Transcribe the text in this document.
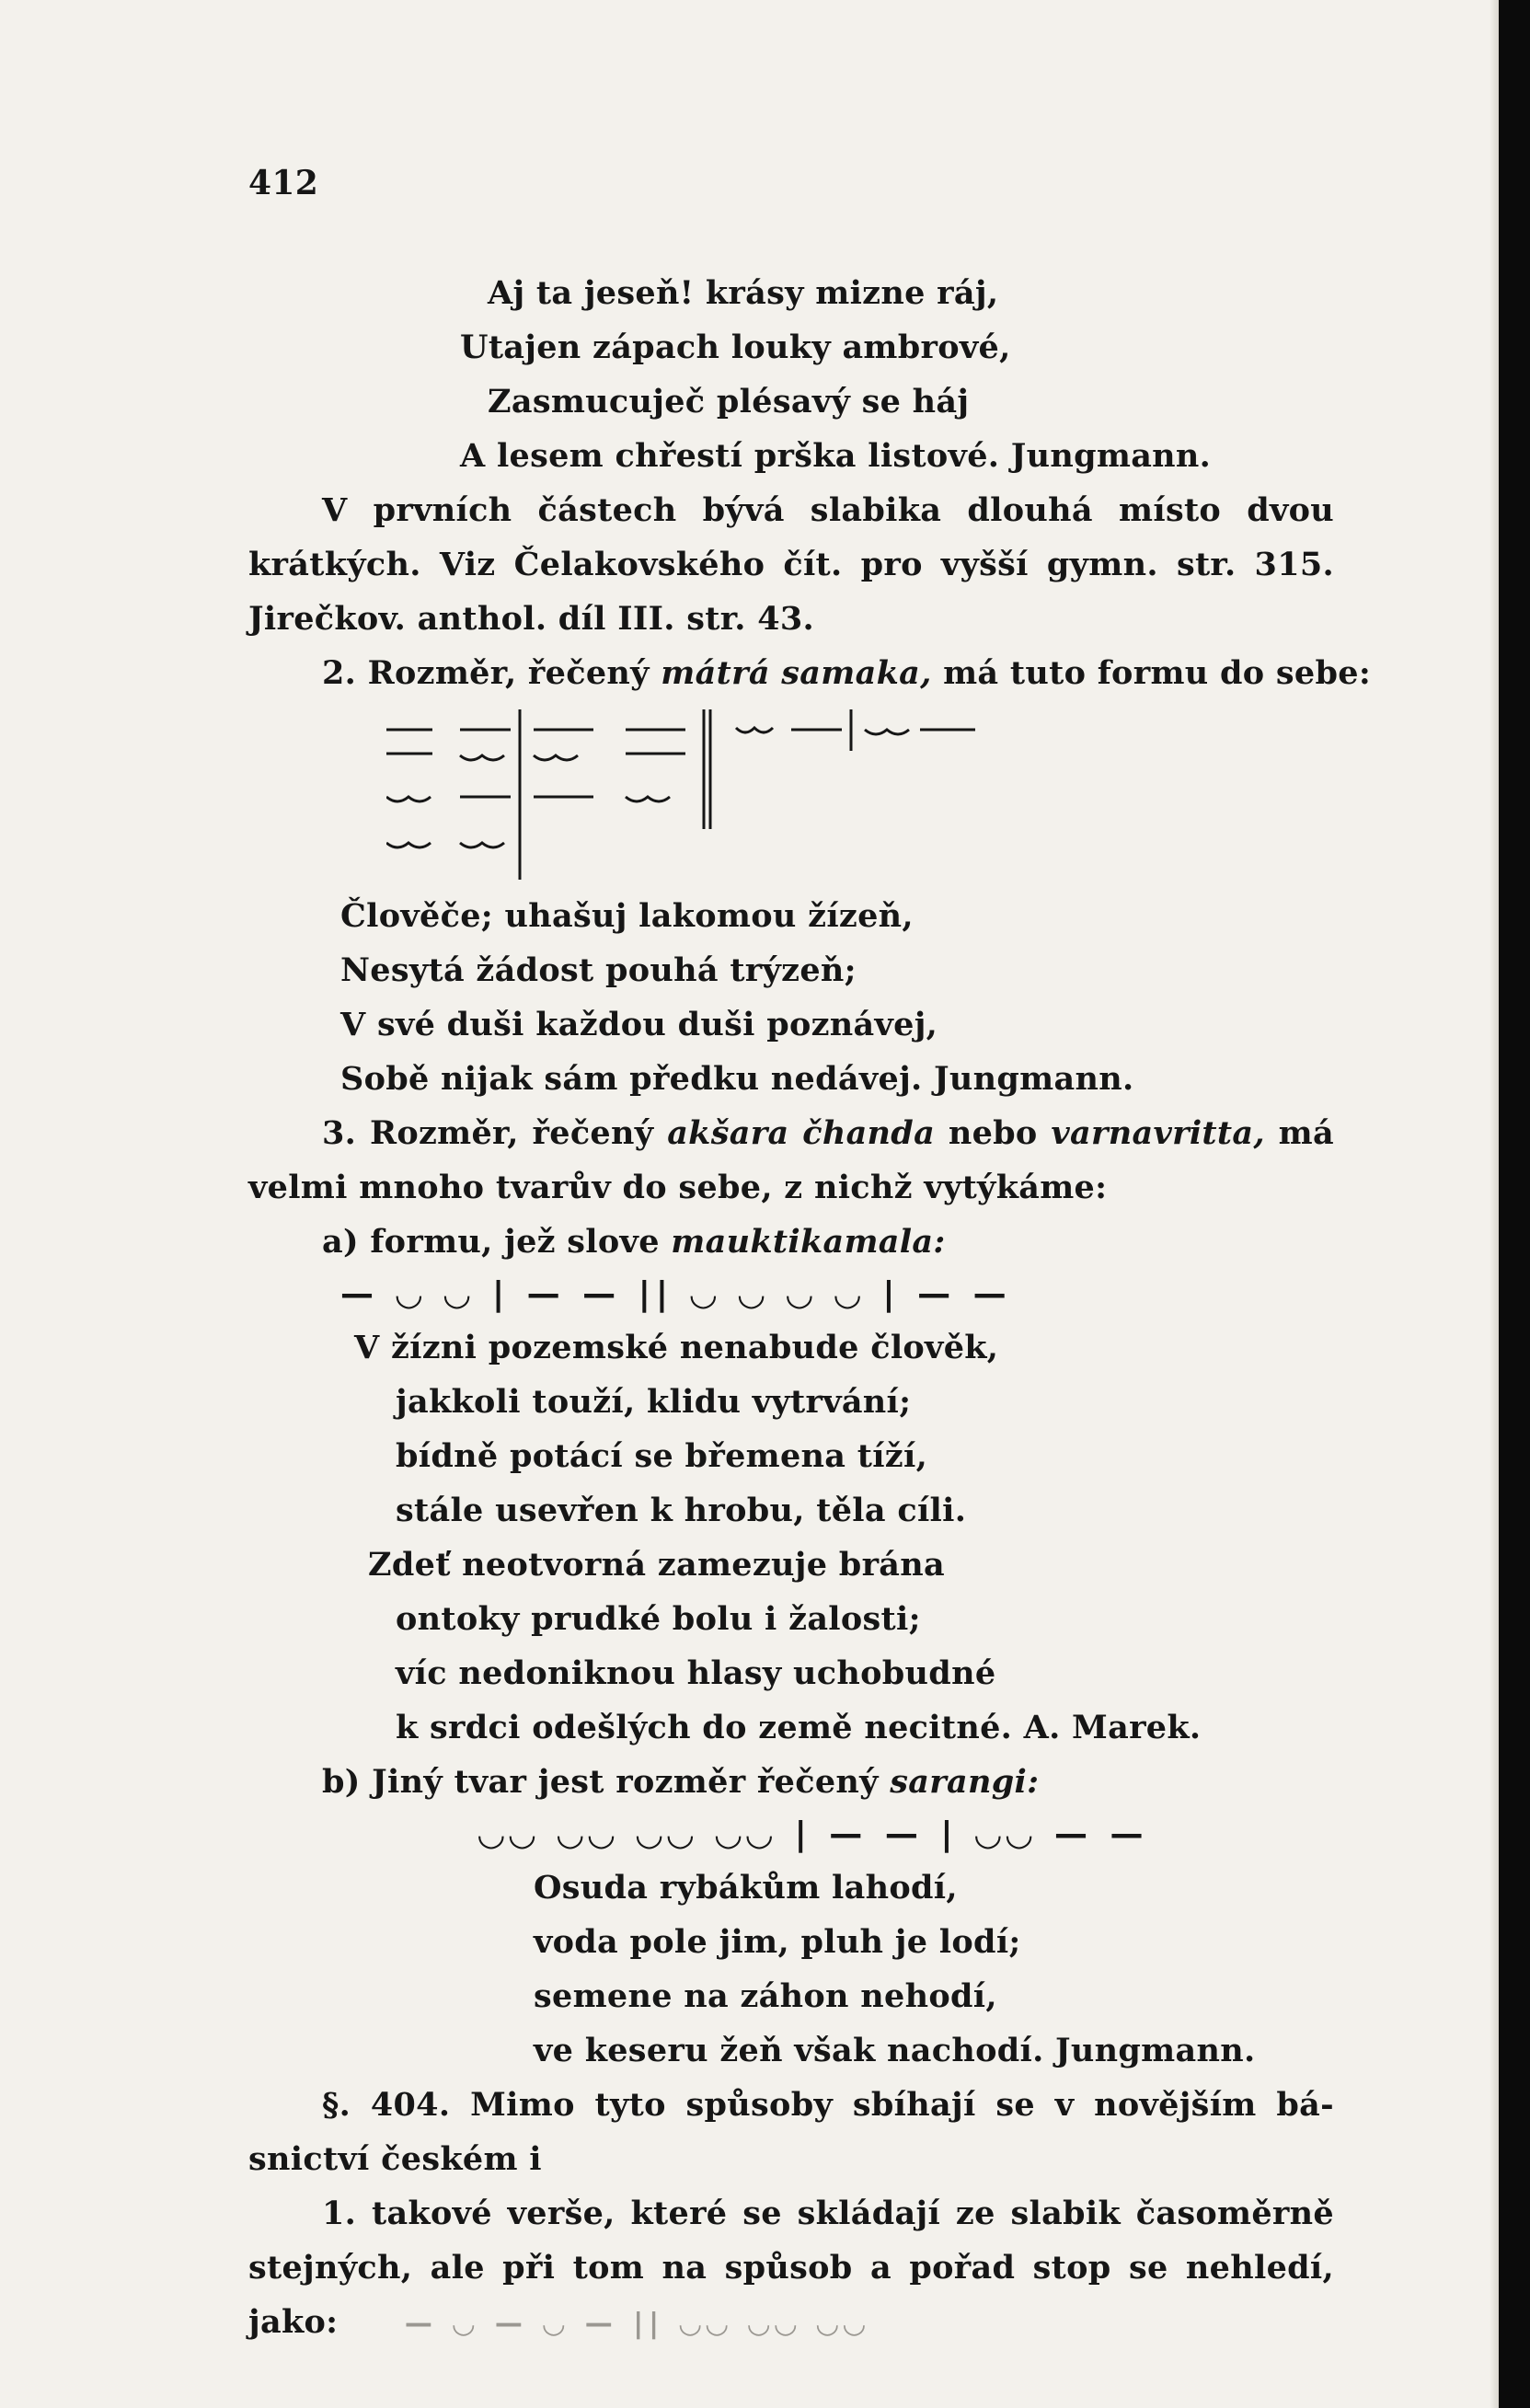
412
Aj ta jeseň! krásy mizne ráj,
Utajen zápach louky ambrové,
Zasmucuječ plésavý se háj
A lesem chřestí prška listové. Jungmann.
V prvních částech bývá slabika dlouhá místo dvou
krátkých. Viz Čelakovského čít. pro vyšší gymn. str. 315.
Jirečkov. anthol. díl III. str. 43.
2. Rozměr, řečený mátrá samaka, má tuto formu do sebe:
Člověče; uhašuj lakomou žízeň,
Nesytá žádost pouhá trýzeň;
V své duši každou duši poznávej,
Sobě nijak sám předku nedávej. Jungmann.
3. Rozměr, řečený akšara čhanda nebo varnavritta, má
velmi mnoho tvarův do sebe, z nichž vytýkáme:
a) formu, jež slove mauktikamala:
— ◡ ◡ | — — || ◡ ◡ ◡ ◡ | — —
V žízni pozemské nenabude člověk,
jakkoli touží, klidu vytrvání;
bídně potácí se břemena tíží,
stále usevřen k hrobu, těla cíli.
Zdeť neotvorná zamezuje brána
ontoky prudké bolu i žalosti;
víc nedoniknou hlasy uchobudné
k srdci odešlých do země necitné. A. Marek.
b) Jiný tvar jest rozměr řečený sarangi:
◡◡ ◡◡ ◡◡ ◡◡ | — — | ◡◡ — —
Osuda rybákům lahodí,
voda pole jim, pluh je lodí;
semene na záhon nehodí,
ve keseru žeň však nachodí. Jungmann.
§. 404. Mimo tyto spůsoby sbíhají se v novějším bá-
snictví českém i
1. takové verše, které se skládají ze slabik časoměrně
stejných, ale při tom na spůsob a pořad stop se nehledí,
jako: — ◡ — ◡ — || ◡◡ ◡◡ ◡◡
